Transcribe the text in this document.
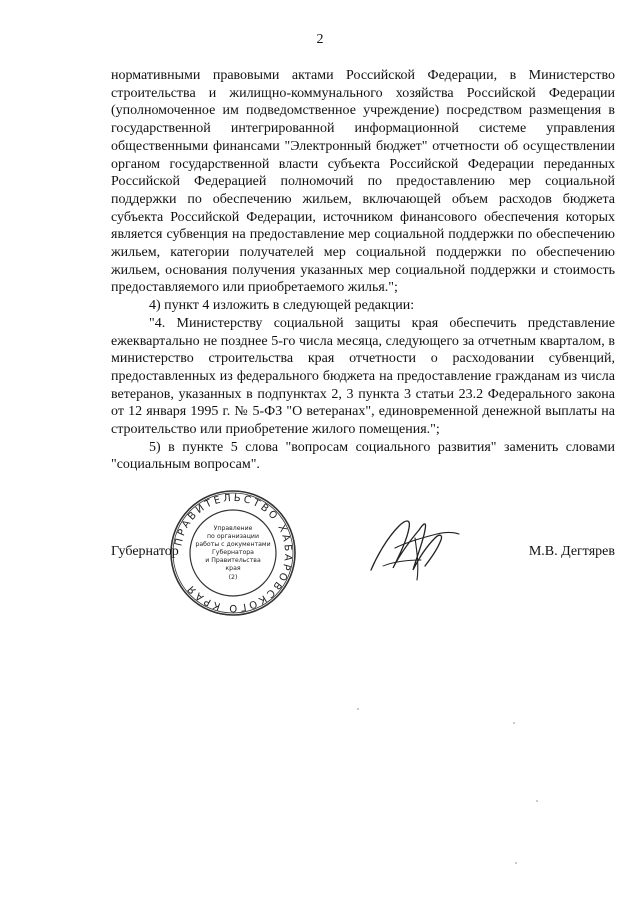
2

нормативными правовыми актами Российской Федерации, в Министерство строительства и жилищно-коммунального хозяйства Российской Федерации (уполномоченное им подведомственное учреждение) посредством размещения в государственной интегрированной информационной системе управления общественными финансами "Электронный бюджет" отчетности об осуществлении органом государственной власти субъекта Российской Федерации переданных Российской Федерацией полномочий по предоставлению мер социальной поддержки по обеспечению жильем, включающей объем расходов бюджета субъекта Российской Федерации, источником финансового обеспечения которых является субвенция на предоставление мер социальной поддержки по обеспечению жильем, категории получателей мер социальной поддержки по обеспечению жильем, основания получения указанных мер социальной поддержки и стоимость предоставляемого или приобретаемого жилья.";

4) пункт 4 изложить в следующей редакции:

"4. Министерству социальной защиты края обеспечить представление ежеквартально не позднее 5-го числа месяца, следующего за отчетным кварталом, в министерство строительства края отчетности о расходовании субвенций, предоставленных из федерального бюджета на предоставление гражданам из числа ветеранов, указанных в подпунктах 2, 3 пункта 3 статьи 23.2 Федерального закона от 12 января 1995 г. № 5-ФЗ "О ветеранах", единовременной денежной выплаты на строительство или приобретение жилого помещения.";

5) в пункте 5 слова "вопросам социального развития" заменить словами "социальным вопросам".

ПРАВИТЕЛЬСТВО ХАБАРОВСКОГО КРАЯ
Управление
по организации
работы с документами
Губернатора
и Правительства
края
(2)
Губернатор	М.В. Дегтярев
